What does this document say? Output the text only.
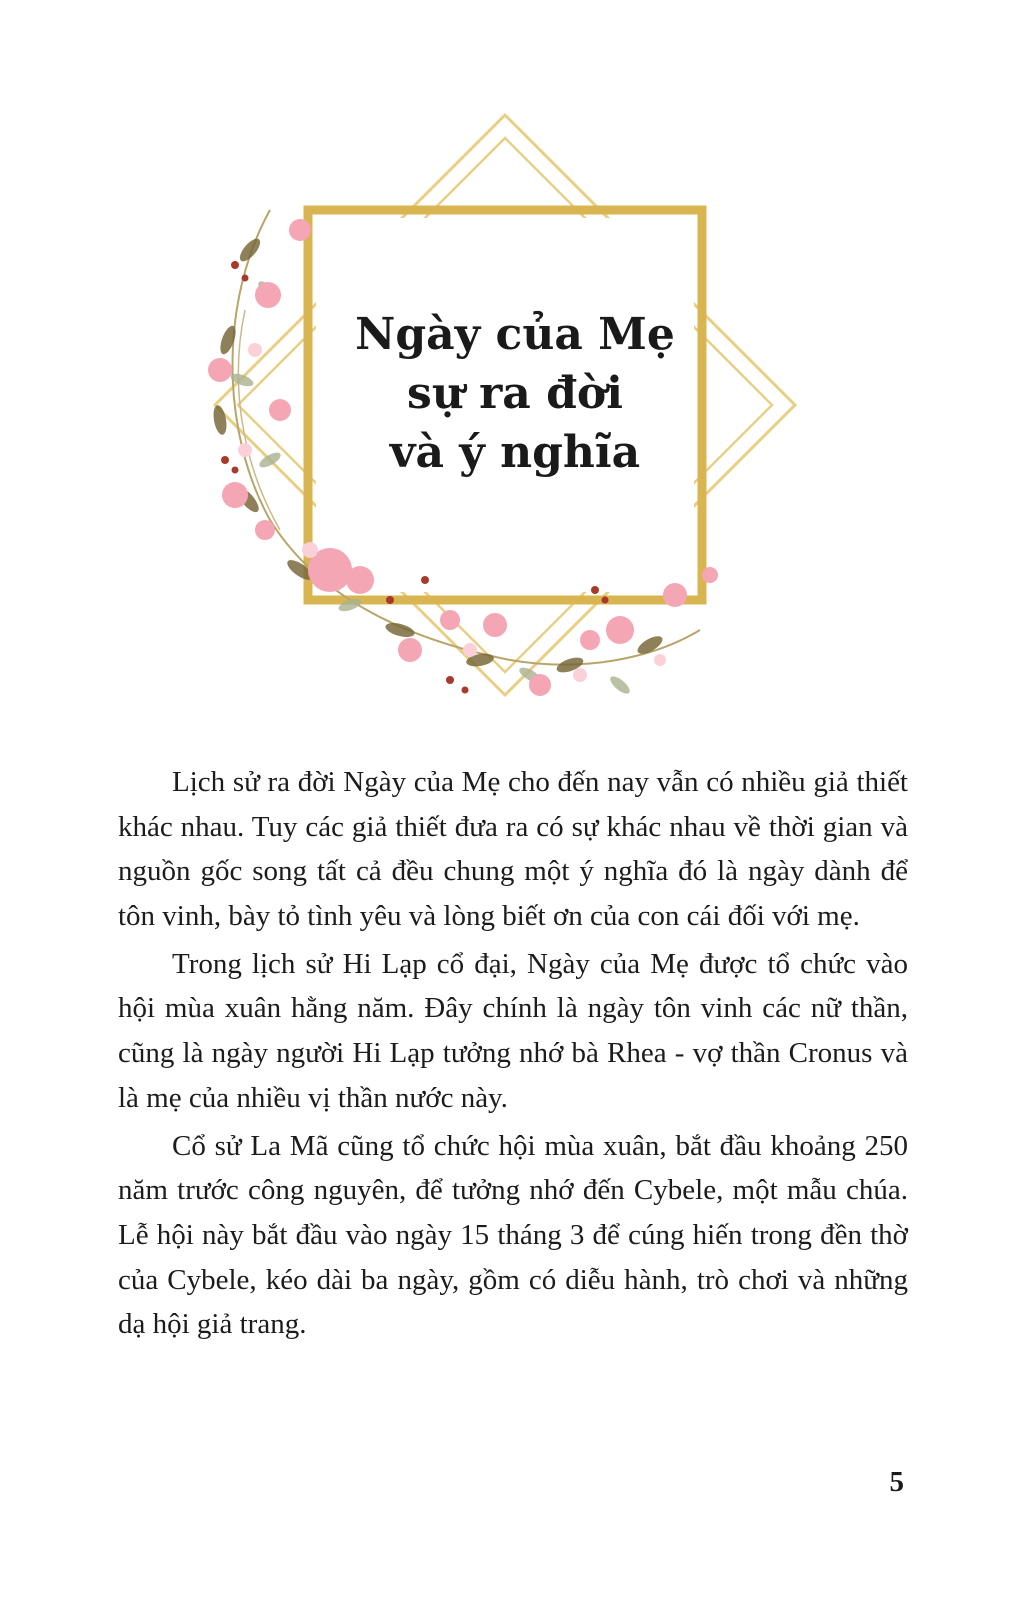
Ngày của Mẹ
sự ra đời
và ý nghĩa

Lịch sử ra đời Ngày của Mẹ cho đến nay vẫn có nhiều giả thiết khác nhau. Tuy các giả thiết đưa ra có sự khác nhau về thời gian và nguồn gốc song tất cả đều chung một ý nghĩa đó là ngày dành để tôn vinh, bày tỏ tình yêu và lòng biết ơn của con cái đối với mẹ.

Trong lịch sử Hi Lạp cổ đại, Ngày của Mẹ được tổ chức vào hội mùa xuân hằng năm. Đây chính là ngày tôn vinh các nữ thần, cũng là ngày người Hi Lạp tưởng nhớ bà Rhea - vợ thần Cronus và là mẹ của nhiều vị thần nước này.

Cổ sử La Mã cũng tổ chức hội mùa xuân, bắt đầu khoảng 250 năm trước công nguyên, để tưởng nhớ đến Cybele, một mẫu chúa. Lễ hội này bắt đầu vào ngày 15 tháng 3 để cúng hiến trong đền thờ của Cybele, kéo dài ba ngày, gồm có diễu hành, trò chơi và những dạ hội giả trang.

5
